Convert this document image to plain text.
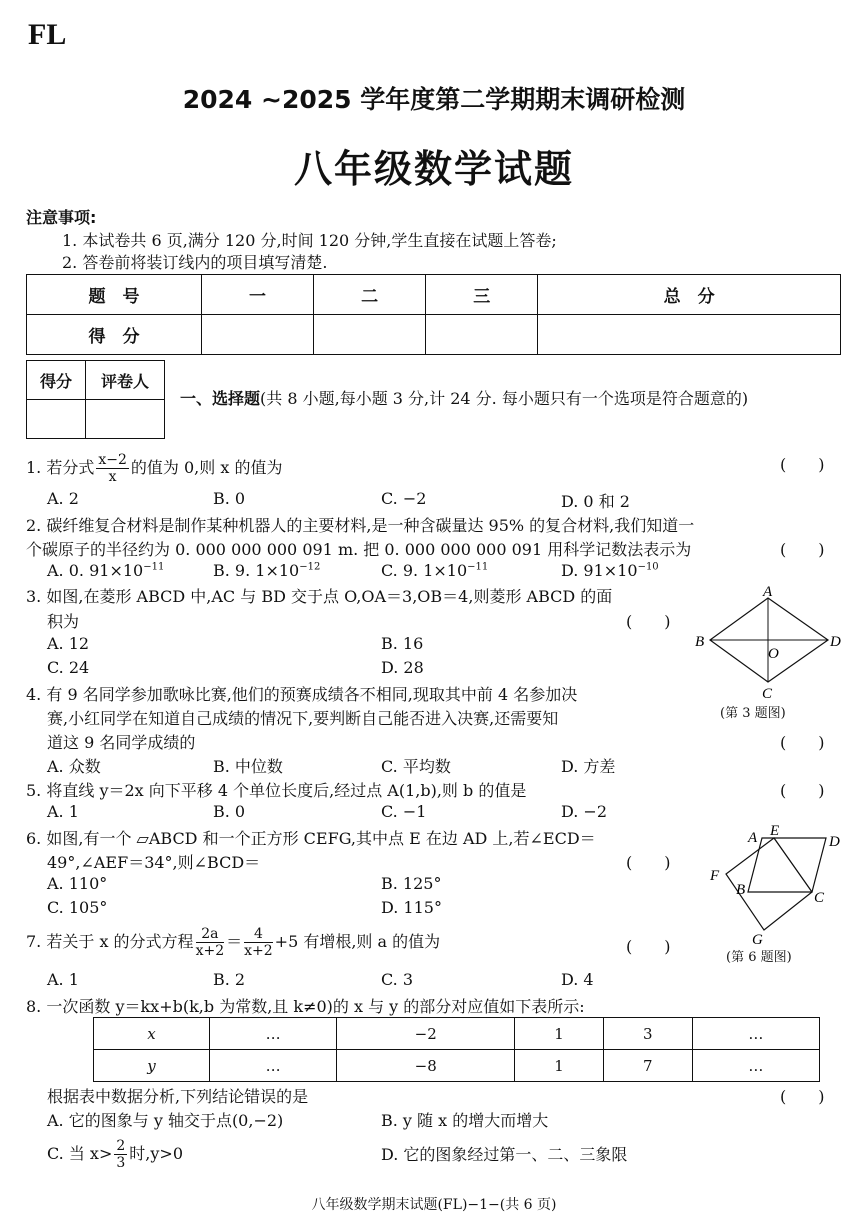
FL
2024 ~2025 学年度第二学期期末调研检测
八年级数学试题
注意事项:
1. 本试卷共 6 页,满分 120 分,时间 120 分钟,学生直接在试题上答卷;
2. 答卷前将装订线内的项目填写清楚.
题　号	一	二	三	总　分
得　分				
得分	评卷人

一、选择题(共 8 小题,每小题 3 分,计 24 分. 每小题只有一个选项是符合题意的)
1. 若分式 $\frac{x-2}{x}$ 的值为 0,则 x 的值为	(　　)
A. 2	B. 0	C. −2	D. 0 和 2
2. 碳纤维复合材料是制作某种机器人的主要材料,是一种含碳量达 95% 的复合材料,我们知道一
个碳原子的半径约为 0. 000 000 000 091 m. 把 0. 000 000 000 091 用科学记数法表示为	(　　)
A. 0. $91\times 10^{-11}$	B. 9. $1\times 10^{-12}$	C. 9. $1\times 10^{-11}$	D. $91\times 10^{-10}$
3. 如图,在菱形 ABCD 中,AC 与 BD 交于点 O,OA＝3,OB＝4,则菱形 ABCD 的面
积为	(　　)
A. 12	B. 16
C. 24	D. 28
A
B
C
D
O
(第 3 题图)
4. 有 9 名同学参加歌咏比赛,他们的预赛成绩各不相同,现取其中前 4 名参加决
赛,小红同学在知道自己成绩的情况下,要判断自己能否进入决赛,还需要知
道这 9 名同学成绩的	(　　)
A. 众数	B. 中位数	C. 平均数	D. 方差
5. 将直线 y＝2x 向下平移 4 个单位长度后,经过点 A(1,b),则 b 的值是	(　　)
A. 1	B. 0	C. −1	D. −2
6. 如图,有一个 ▱ABCD 和一个正方形 CEFG,其中点 E 在边 AD 上,若∠ECD＝
49°,∠AEF＝34°,则∠BCD＝	(　　)
A. 110°	B. 125°
C. 105°	D. 115°
A E
D
F
B	C
G
(第 6 题图)
7. 若关于 x 的分式方程 $\frac{2a}{x+2} = \frac{4}{x+2} +5$ 有增根,则 a 的值为	(　　)
A. 1	B. 2	C. 3	D. 4
8. 一次函数 y＝kx+b(k,b 为常数,且 k≠0)的 x 与 y 的部分对应值如下表所示:
x	…	−2	1	3	…
y	…	−8	1	7	…
根据表中数据分析,下列结论错误的是	(　　)
A. 它的图象与 y 轴交于点(0,−2)	B. y 随 x 的增大而增大
C. 当 $x> \frac{2}{3}$ 时,y>0	D. 它的图象经过第一、二、三象限
八年级数学期末试题(FL)−1−(共 6 页)
